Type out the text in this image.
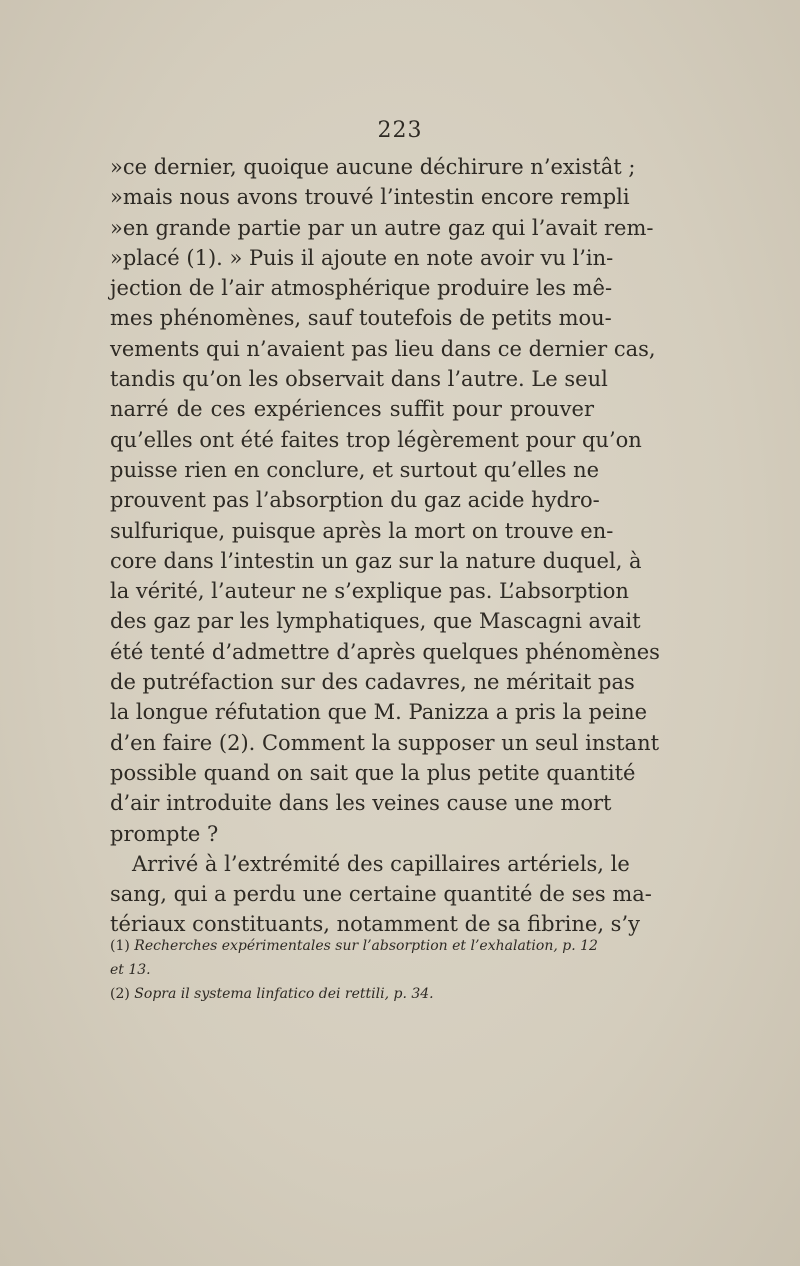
223
»ce dernier, quoique aucune déchirure n’existât ;
»mais nous avons trouvé l’intestin encore rempli
»en grande partie par un autre gaz qui l’avait rem-
»placé (1). » Puis il ajoute en note avoir vu l’in-
jection de l’air atmosphérique produire les mê-
mes phénomènes, sauf toutefois de petits mou-
vements qui n’avaient pas lieu dans ce dernier cas,
tandis qu’on les observait dans l’autre. Le seul
narré de ces expériences suffit pour prouver
qu’elles ont été faites trop légèrement pour qu’on
puisse rien en conclure, et surtout qu’elles ne
prouvent pas l’absorption du gaz acide hydro-
sulfurique, puisque après la mort on trouve en-
core dans l’intestin un gaz sur la nature duquel, à
la vérité, l’auteur ne s’explique pas. L’absorption
des gaz par les lymphatiques, que Mascagni avait
été tenté d’admettre d’après quelques phénomènes
de putréfaction sur des cadavres, ne méritait pas
la longue réfutation que M. Panizza a pris la peine
d’en faire (2). Comment la supposer un seul instant
possible quand on sait que la plus petite quantité
d’air introduite dans les veines cause une mort
prompte ?
Arrivé à l’extrémité des capillaires artériels, le
sang, qui a perdu une certaine quantité de ses ma-
tériaux constituants, notamment de sa fibrine, s’y
(1) Recherches expérimentales sur l’absorption et l’exhalation, p. 12
et 13.
(2) Sopra il systema linfatico dei rettili, p. 34.
